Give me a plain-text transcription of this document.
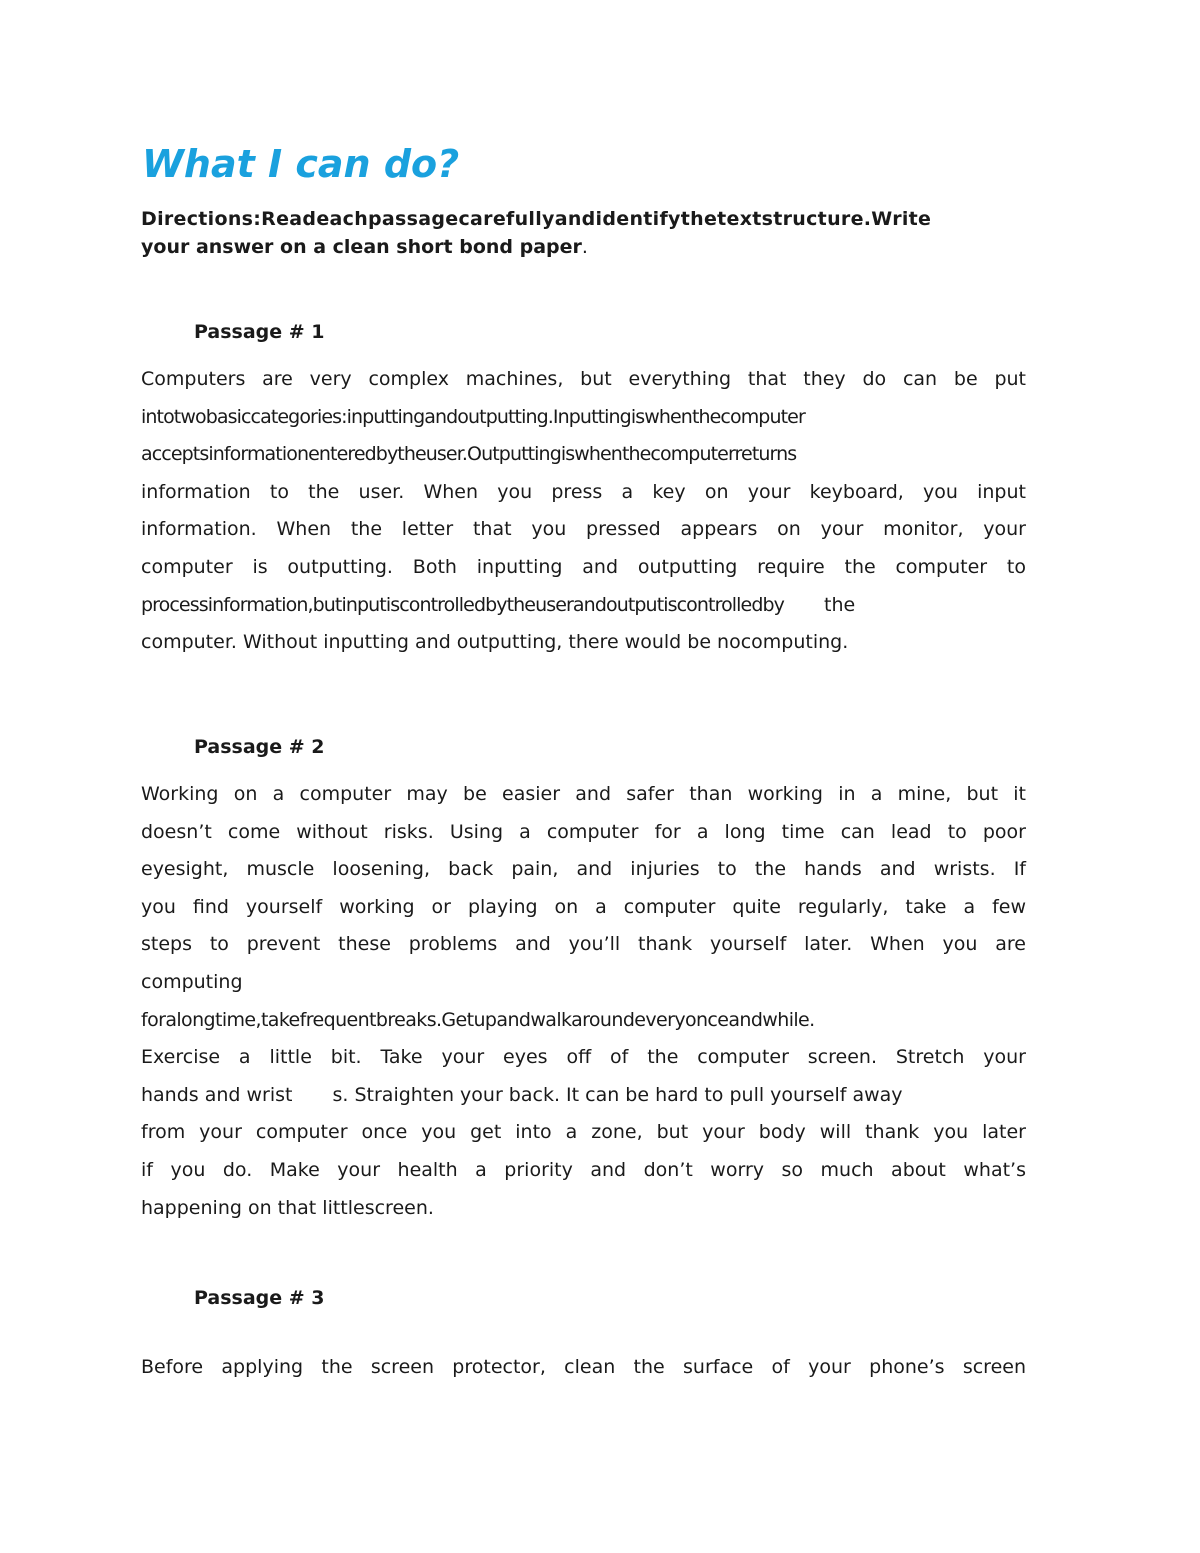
What I can do?

Directions:Readeachpassagecarefullyandidentifythetextstructure.Write
your answer on a clean short bond paper.

Passage # 1
Computers are very complex machines, but everything that they do can be put
intotwobasiccategories:inputtingandoutputting.Inputtingiswhenthecomputer
acceptsinformationenteredbytheuser.Outputtingiswhenthecomputerreturns
information to the user. When you press a key on your keyboard, you input
information. When the letter that you pressed appears on your monitor, your
computer is outputting. Both inputting and outputting require the computer to
processinformation,butinputiscontrolledbytheuserandoutputiscontrolledby the
computer. Without inputting and outputting, there would be nocomputing.
Passage # 2
Working on a computer may be easier and safer than working in a mine, but it
doesn’t come without risks. Using a computer for a long time can lead to poor
eyesight, muscle loosening, back pain, and injuries to the hands and wrists. If
you find yourself working or playing on a computer quite regularly, take a few
steps to prevent these problems and you’ll thank yourself later. When you are
computing
foralongtime,takefrequentbreaks.Getupandwalkaroundeveryonceandwhile.
Exercise a little bit. Take your eyes off of the computer screen. Stretch your
hands and wrist s. Straighten your back. It can be hard to pull yourself away
from your computer once you get into a zone, but your body will thank you later
if you do. Make your health a priority and don’t worry so much about what’s
happening on that littlescreen.
Passage # 3
Before applying the screen protector, clean the surface of your phone’s screen
